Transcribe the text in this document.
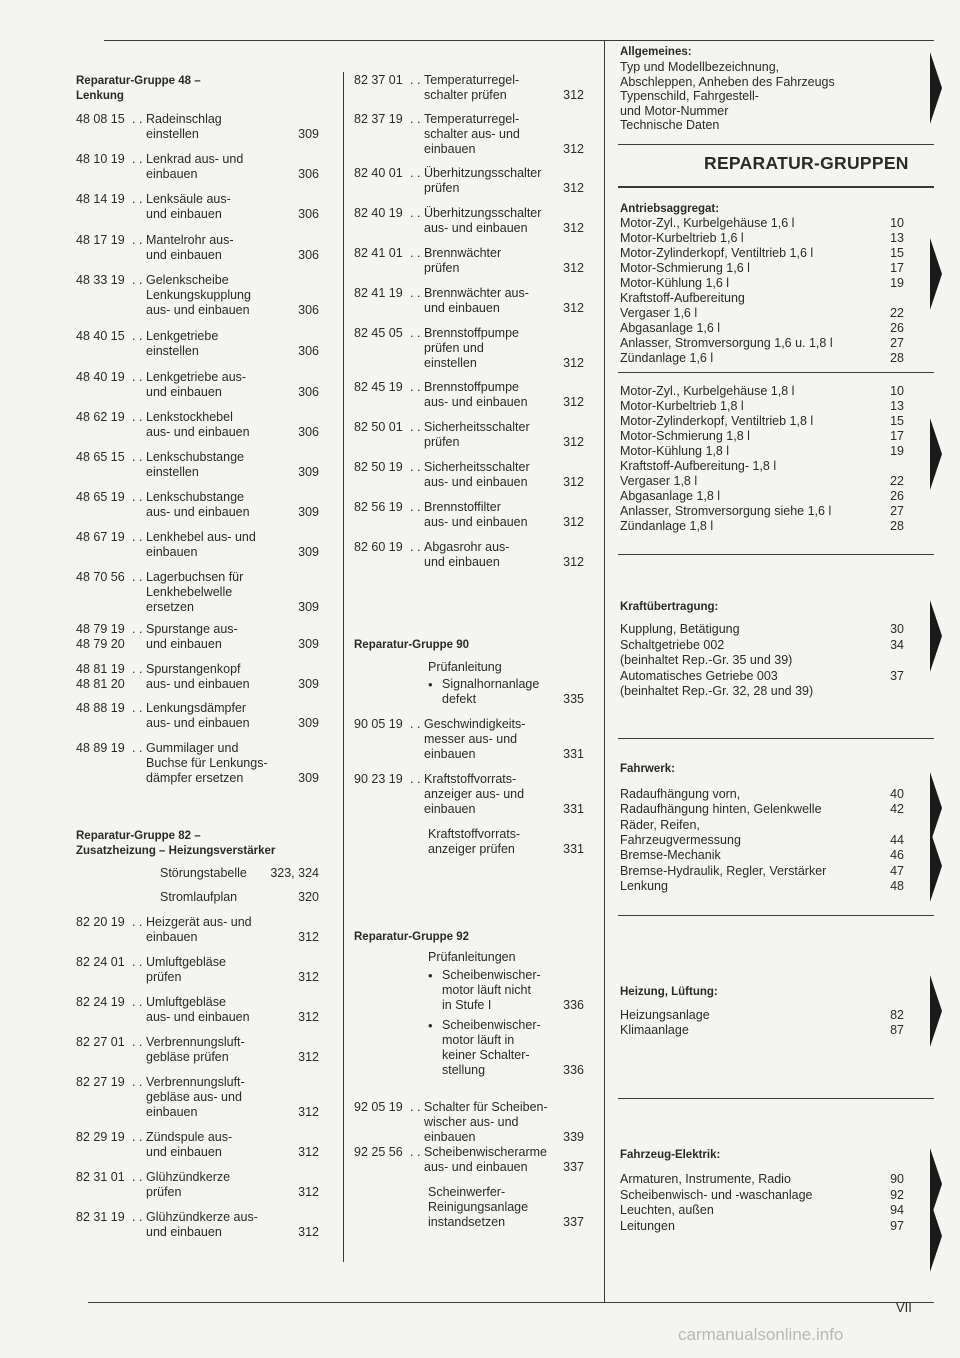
Reparatur-Gruppe 48 –
Lenkung
48 08 15 . . Radeinschlag
einstellen	309
48 10 19 . . Lenkrad aus- und
einbauen	306
48 14 19 . . Lenksäule aus-
und einbauen	306
48 17 19 . . Mantelrohr aus-
und einbauen	306
48 33 19 . . Gelenkscheibe
Lenkungskupplung
aus- und einbauen	306
48 40 15 . . Lenkgetriebe
einstellen	306
48 40 19 . . Lenkgetriebe aus-
und einbauen	306
48 62 19 . . Lenkstockhebel
aus- und einbauen	306
48 65 15 . . Lenkschubstange
einstellen	309
48 65 19 . . Lenkschubstange
aus- und einbauen	309
48 67 19 . . Lenkhebel aus- und
einbauen	309
48 70 56 . . Lagerbuchsen für
Lenkhebelwelle
ersetzen	309
48 79 19
48 79 20
. . Spurstange aus-
und einbauen	309
48 81 19
48 81 20
. . Spurstangenkopf
aus- und einbauen	309
48 88 19 . . Lenkungsdämpfer
aus- und einbauen	309
48 89 19 . . Gummilager und
Buchse für Lenkungs-
dämpfer ersetzen	309
Reparatur-Gruppe 82 –
Zusatzheizung – Heizungsverstärker
Störungstabelle 323, 324
Stromlaufplan	320
82 20 19 . . Heizgerät aus- und
einbauen	312
82 24 01 . . Umluftgebläse
prüfen	312
82 24 19 . . Umluftgebläse
aus- und einbauen	312
82 27 01 . . Verbrennungsluft-
gebläse prüfen	312
82 27 19 . . Verbrennungsluft-
gebläse aus- und
einbauen	312
82 29 19 . . Zündspule aus-
und einbauen	312
82 31 01 . . Glühzündkerze
prüfen	312
82 31 19 . . Glühzündkerze aus-
und einbauen	312
82 37 01 . . Temperaturregel-
schalter prüfen	312
82 37 19 . . Temperaturregel-
schalter aus- und
einbauen	312
82 40 01 . . Überhitzungsschalter
prüfen	312
82 40 19 . . Überhitzungsschalter
aus- und einbauen	312
82 41 01 . . Brennwächter
prüfen	312
82 41 19 . . Brennwächter aus-
und einbauen	312
82 45 05 . . Brennstoffpumpe
prüfen und
einstellen	312
82 45 19 . . Brennstoffpumpe
aus- und einbauen	312
82 50 01 . . Sicherheitsschalter
prüfen	312
82 50 19 . . Sicherheitsschalter
aus- und einbauen	312
82 56 19 . . Brennstoffilter
aus- und einbauen	312
82 60 19 . . Abgasrohr aus-
und einbauen	312
Reparatur-Gruppe 90
Prüfanleitung
• Signalhornanlage
defekt	335
90 05 19 . . Geschwindigkeits-
messer aus- und
einbauen	331
90 23 19 . . Kraftstoffvorrats-
anzeiger aus- und
einbauen	331
Kraftstoffvorrats-
anzeiger prüfen	331
Reparatur-Gruppe 92
Prüfanleitungen
• Scheibenwischer-
motor läuft nicht
in Stufe I	336
• Scheibenwischer-
motor läuft in
keiner Schalter-
stellung	336
92 05 19 . . Schalter für Scheiben-
wischer aus- und
einbauen	339
92 25 56 . . Scheibenwischerarme
aus- und einbauen	337
Scheinwerfer-
Reinigungsanlage
instandsetzen	337
Allgemeines:
Typ und Modellbezeichnung,
Abschleppen, Anheben des Fahrzeugs
Typenschild, Fahrgestell-
und Motor-Nummer
Technische Daten
REPARATUR-GRUPPEN
Antriebsaggregat:
Motor-Zyl., Kurbelgehäuse 1,6 l	10
Motor-Kurbeltrieb 1,6 l	13
Motor-Zylinderkopf, Ventiltrieb 1,6 l	15
Motor-Schmierung 1,6 l	17
Motor-Kühlung 1,6 l	19
Kraftstoff-Aufbereitung
Vergaser 1,6 l	22
Abgasanlage 1,6 l	26
Anlasser, Stromversorgung 1,6 u. 1,8 l	27
Zündanlage 1,6 l	28
Motor-Zyl., Kurbelgehäuse 1,8 l	10
Motor-Kurbeltrieb 1,8 l	13
Motor-Zylinderkopf, Ventiltrieb 1,8 l	15
Motor-Schmierung 1,8 l	17
Motor-Kühlung 1,8 l	19
Kraftstoff-Aufbereitung- 1,8 l
Vergaser 1,8 l	22
Abgasanlage 1,8 l	26
Anlasser, Stromversorgung siehe 1,6 l	27
Zündanlage 1,8 l	28
Kraftübertragung:
Kupplung, Betätigung	30
Schaltgetriebe 002	34
(beinhaltet Rep.-Gr. 35 und 39)
Automatisches Getriebe 003	37
(beinhaltet Rep.-Gr. 32, 28 und 39)
Fahrwerk:
Radaufhängung vorn,	40
Radaufhängung hinten, Gelenkwelle	42
Räder, Reifen,
Fahrzeugvermessung	44
Bremse-Mechanik	46
Bremse-Hydraulik, Regler, Verstärker	47
Lenkung	48
Heizung, Lüftung:
Heizungsanlage	82
Klimaanlage	87
Fahrzeug-Elektrik:
Armaturen, Instrumente, Radio	90
Scheibenwisch- und -waschanlage	92
Leuchten, außen	94
Leitungen	97
VII
carmanualsonline.info
